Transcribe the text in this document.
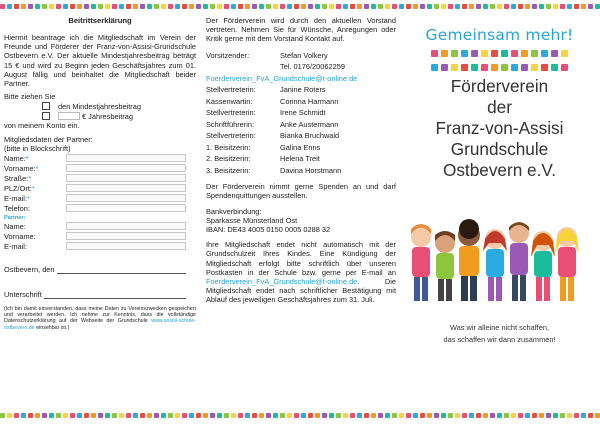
Beitrittserklärung
Hiermit beantrage ich die Mitgliedschaft im Verein der Freunde und Förderer der Franz-von-Assisi-Grundschule Ostbevern e.V. Der aktuelle Mindestjahresbeitrag beträgt 15 € und wird zu Beginn jeden Geschäftsjahres zum 01. August fällig und beinhaltet die Mitgliedschaft beider Partner.
Bitte ziehen Sie
den Mindestjahresbeitrag
€ Jahresbeitrag
von meinem Konto ein.
Mitgliedsdaten der Partner:
(bitte in Blockschrift)
Name:*
Vorname:*
Straße:*
PLZ/Ort:*
E-mail:*
Telefon:
Partner:
Name:
Vorname:
E-mail:
Ostbevern, den
Unterschrift
(Ich bin damit einverstanden, dass meine Daten zu Vereinszwecken gespeichert und verarbeitet werden. Ich nehme zur Kenntnis, dass die vollständige Datenschutzerklärung auf der Webseite der Grundschule www.assisi-schule-ostbevern.de einsehbar ist.)
Der Förderverein wird durch den aktuellen Vorstand vertreten. Nehmen Sie für Wünsche, Anregungen oder Kritik gerne mit dem Vorstand Kontakt auf.
Vorsitzender:	Stefan Volkery
Tel. 0176/20062259
Foerderverein_FvA_Grundschule@t-online.de
Stellvertreterin:	Janine Roters
Kassenwartin:	Corinna Harmann
Stellvertreterin:	Irene Schmidt
Schriftführerin:	Anke Austermann
Stellvertreterin:	Bianka Bruchwald
1. Beisitzerin:	Galina Enns
2. Beisitzerin:	Helena Treit
3. Beisitzerin:	Davina Horstmann
Der Förderverein nimmt gerne Spenden an und darf Spendenquittungen ausstellen.
Bankverbindung:
Sparkasse Münsterland Ost
IBAN: DE43 4005 0150 0005 0288 32
Ihre Mitgliedschaft endet nicht automatisch mit der Grundschulzeit Ihres Kindes. Eine Kündigung der Mitgliedschaft erfolgt bitte schriftlich über unseren Postkasten in der Schule bzw. gerne per E-mail an Foerderverein_FvA_Grundschule@t-online.de. Die Mitgliedschaft endet nach schriftlicher Bestätigung mit Ablauf des jeweiligen Geschäftsjahres zum 31. Juli.
Gemeinsam mehr!
Förderverein
der
Franz-von-Assisi
Grundschule
Ostbevern e.V.
Was wir alleine nicht schaffen,
das schaffen wir dann zusammen!
